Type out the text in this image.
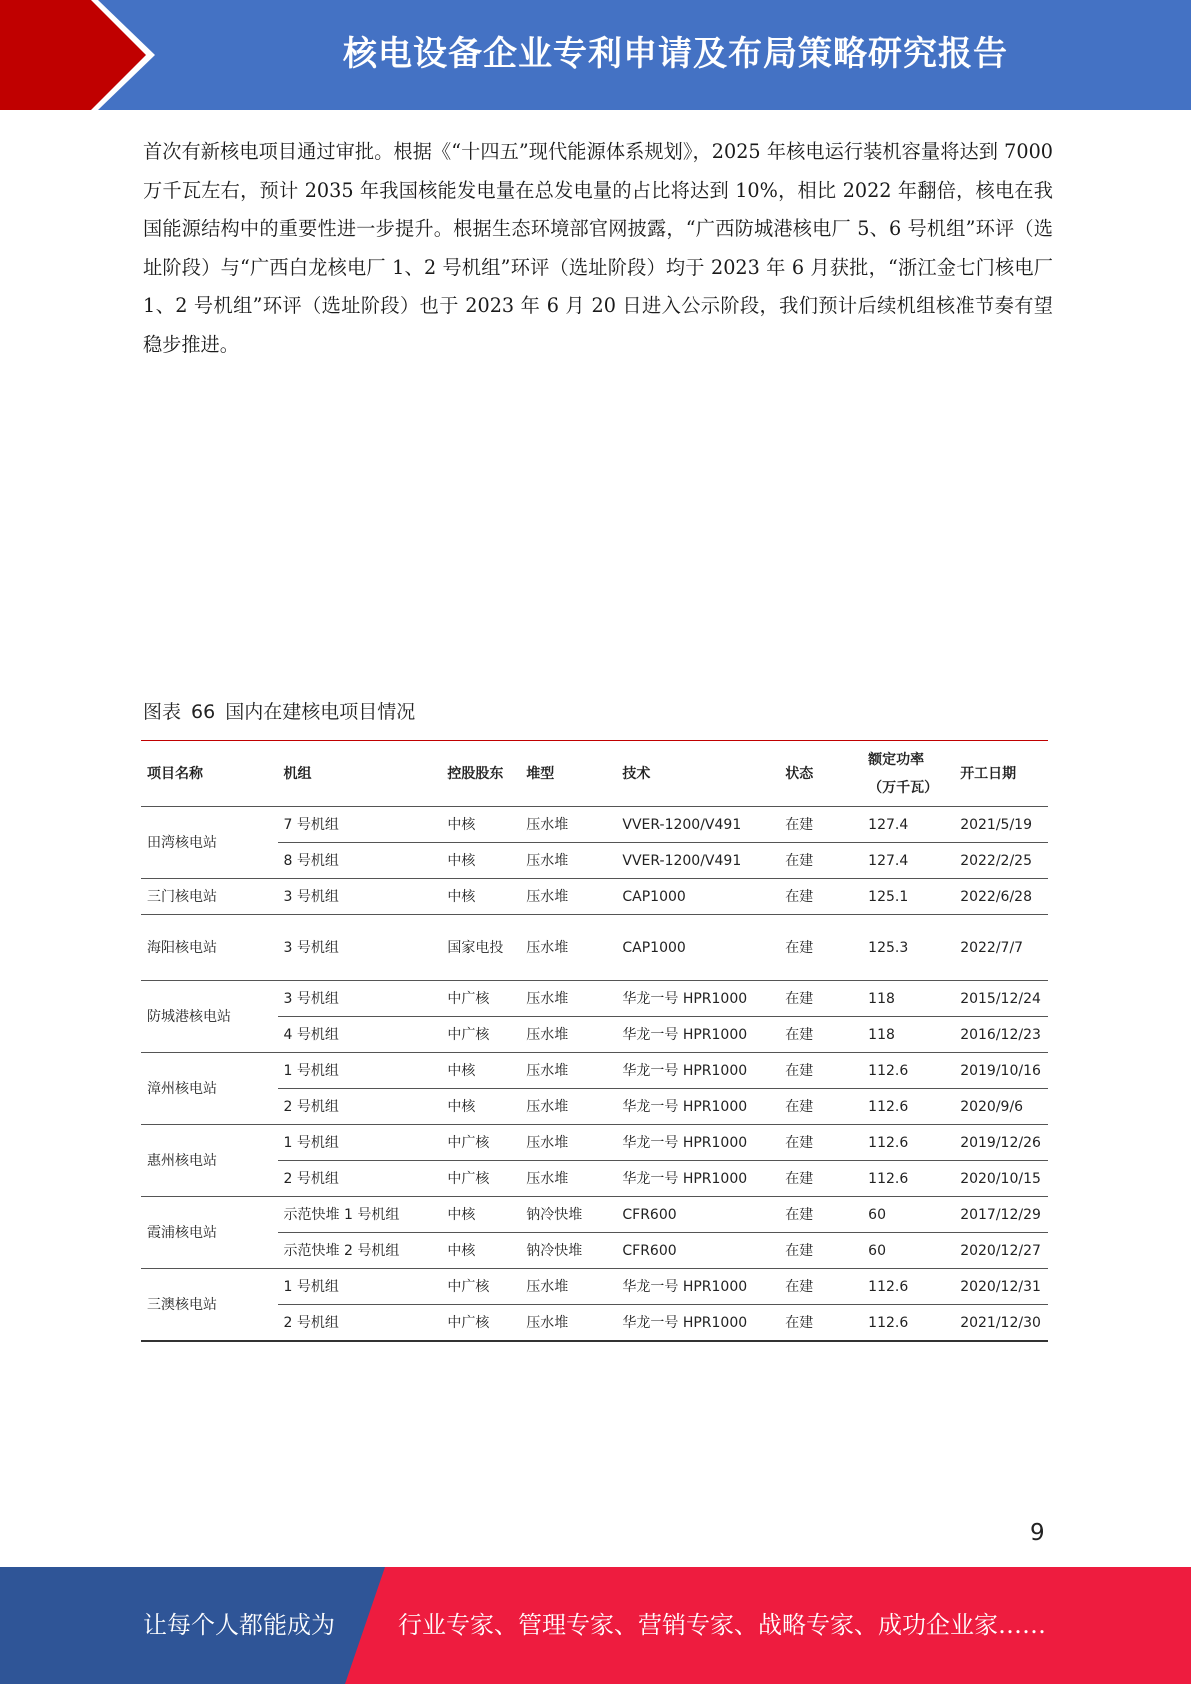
核电设备企业专利申请及布局策略研究报告
首次有新核电项目通过审批。根据《“十四五”现代能源体系规划》，2025 年核电运行装机容量将达到 7000 万千瓦左右，预计 2035 年我国核能发电量在总发电量的占比将达到 10%，相比 2022 年翻倍，核电在我国能源结构中的重要性进一步提升。根据生态环境部官网披露，“广西防城港核电厂 5、6 号机组”环评（选址阶段）与“广西白龙核电厂 1、2 号机组”环评（选址阶段）均于 2023 年 6 月获批，“浙江金七门核电厂 1、2 号机组”环评（选址阶段）也于 2023 年 6 月 20 日进入公示阶段，我们预计后续机组核准节奏有望稳步推进。
图表 66 国内在建核电项目情况
项目名称	机组	控股股东	堆型	技术	状态	额定功率（万千瓦）	开工日期
田湾核电站	7 号机组	中核	压水堆	VVER-1200/V491	在建	127.4	2021/5/19
	8 号机组	中核	压水堆	VVER-1200/V491	在建	127.4	2022/2/25
三门核电站	3 号机组	中核	压水堆	CAP1000	在建	125.1	2022/6/28
海阳核电站	3 号机组	国家电投	压水堆	CAP1000	在建	125.3	2022/7/7
防城港核电站	3 号机组	中广核	压水堆	华龙一号 HPR1000	在建	118	2015/12/24
	4 号机组	中广核	压水堆	华龙一号 HPR1000	在建	118	2016/12/23
漳州核电站	1 号机组	中核	压水堆	华龙一号 HPR1000	在建	112.6	2019/10/16
	2 号机组	中核	压水堆	华龙一号 HPR1000	在建	112.6	2020/9/6
惠州核电站	1 号机组	中广核	压水堆	华龙一号 HPR1000	在建	112.6	2019/12/26
	2 号机组	中广核	压水堆	华龙一号 HPR1000	在建	112.6	2020/10/15
霞浦核电站	示范快堆 1 号机组	中核	钠冷快堆	CFR600	在建	60	2017/12/29
	示范快堆 2 号机组	中核	钠冷快堆	CFR600	在建	60	2020/12/27
三澳核电站	1 号机组	中广核	压水堆	华龙一号 HPR1000	在建	112.6	2020/12/31
	2 号机组	中广核	压水堆	华龙一号 HPR1000	在建	112.6	2021/12/30
9
让每个人都能成为	行业专家、管理专家、营销专家、战略专家、成功企业家……
